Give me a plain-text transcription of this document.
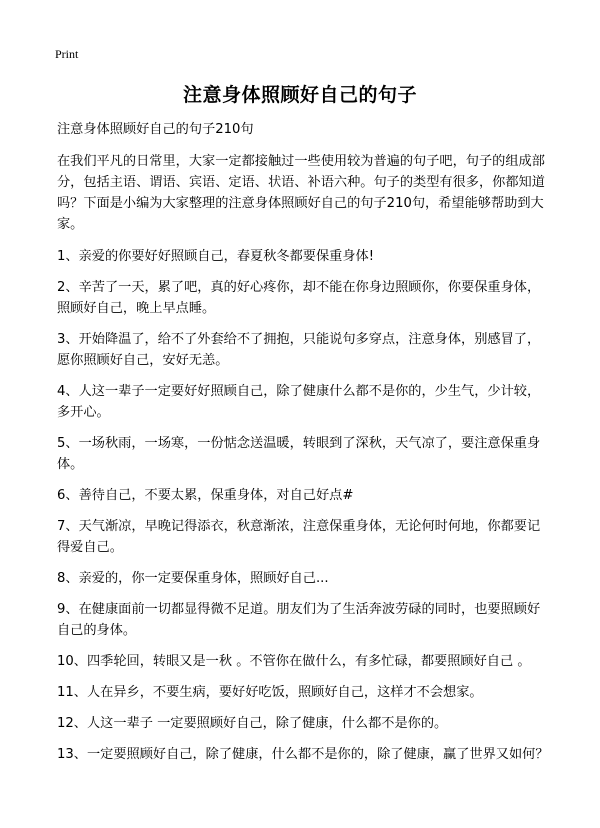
Print
注意身体照顾好自己的句子

注意身体照顾好自己的句子210句

在我们平凡的日常里，大家一定都接触过一些使用较为普遍的句子吧，句子的组成部分，包括主语、谓语、宾语、定语、状语、补语六种。句子的类型有很多，你都知道吗？下面是小编为大家整理的注意身体照顾好自己的句子210句，希望能够帮助到大家。

1、亲爱的你要好好照顾自己，春夏秋冬都要保重身体!

2、辛苦了一天，累了吧，真的好心疼你，却不能在你身边照顾你，你要保重身体，照顾好自己，晚上早点睡。

3、开始降温了，给不了外套给不了拥抱，只能说句多穿点，注意身体，别感冒了，愿你照顾好自己，安好无恙。

4、人这一辈子一定要好好照顾自己，除了健康什么都不是你的，少生气，少计较，多开心。

5、一场秋雨，一场寒，一份惦念送温暖，转眼到了深秋，天气凉了，要注意保重身体。

6、善待自己，不要太累，保重身体，对自己好点#

7、天气渐凉，早晚记得添衣，秋意渐浓，注意保重身体，无论何时何地，你都要记得爱自己。

8、亲爱的，你一定要保重身体，照顾好自己...

9、在健康面前一切都显得微不足道。朋友们为了生活奔波劳碌的同时，也要照顾好自己的身体。

10、四季轮回，转眼又是一秋 。不管你在做什么，有多忙碌，都要照顾好自己 。

11、人在异乡，不要生病，要好好吃饭，照顾好自己，这样才不会想家。

12、人这一辈子 一定要照顾好自己，除了健康，什么都不是你的。

13、一定要照顾好自己，除了健康，什么都不是你的，除了健康，赢了世界又如何？
